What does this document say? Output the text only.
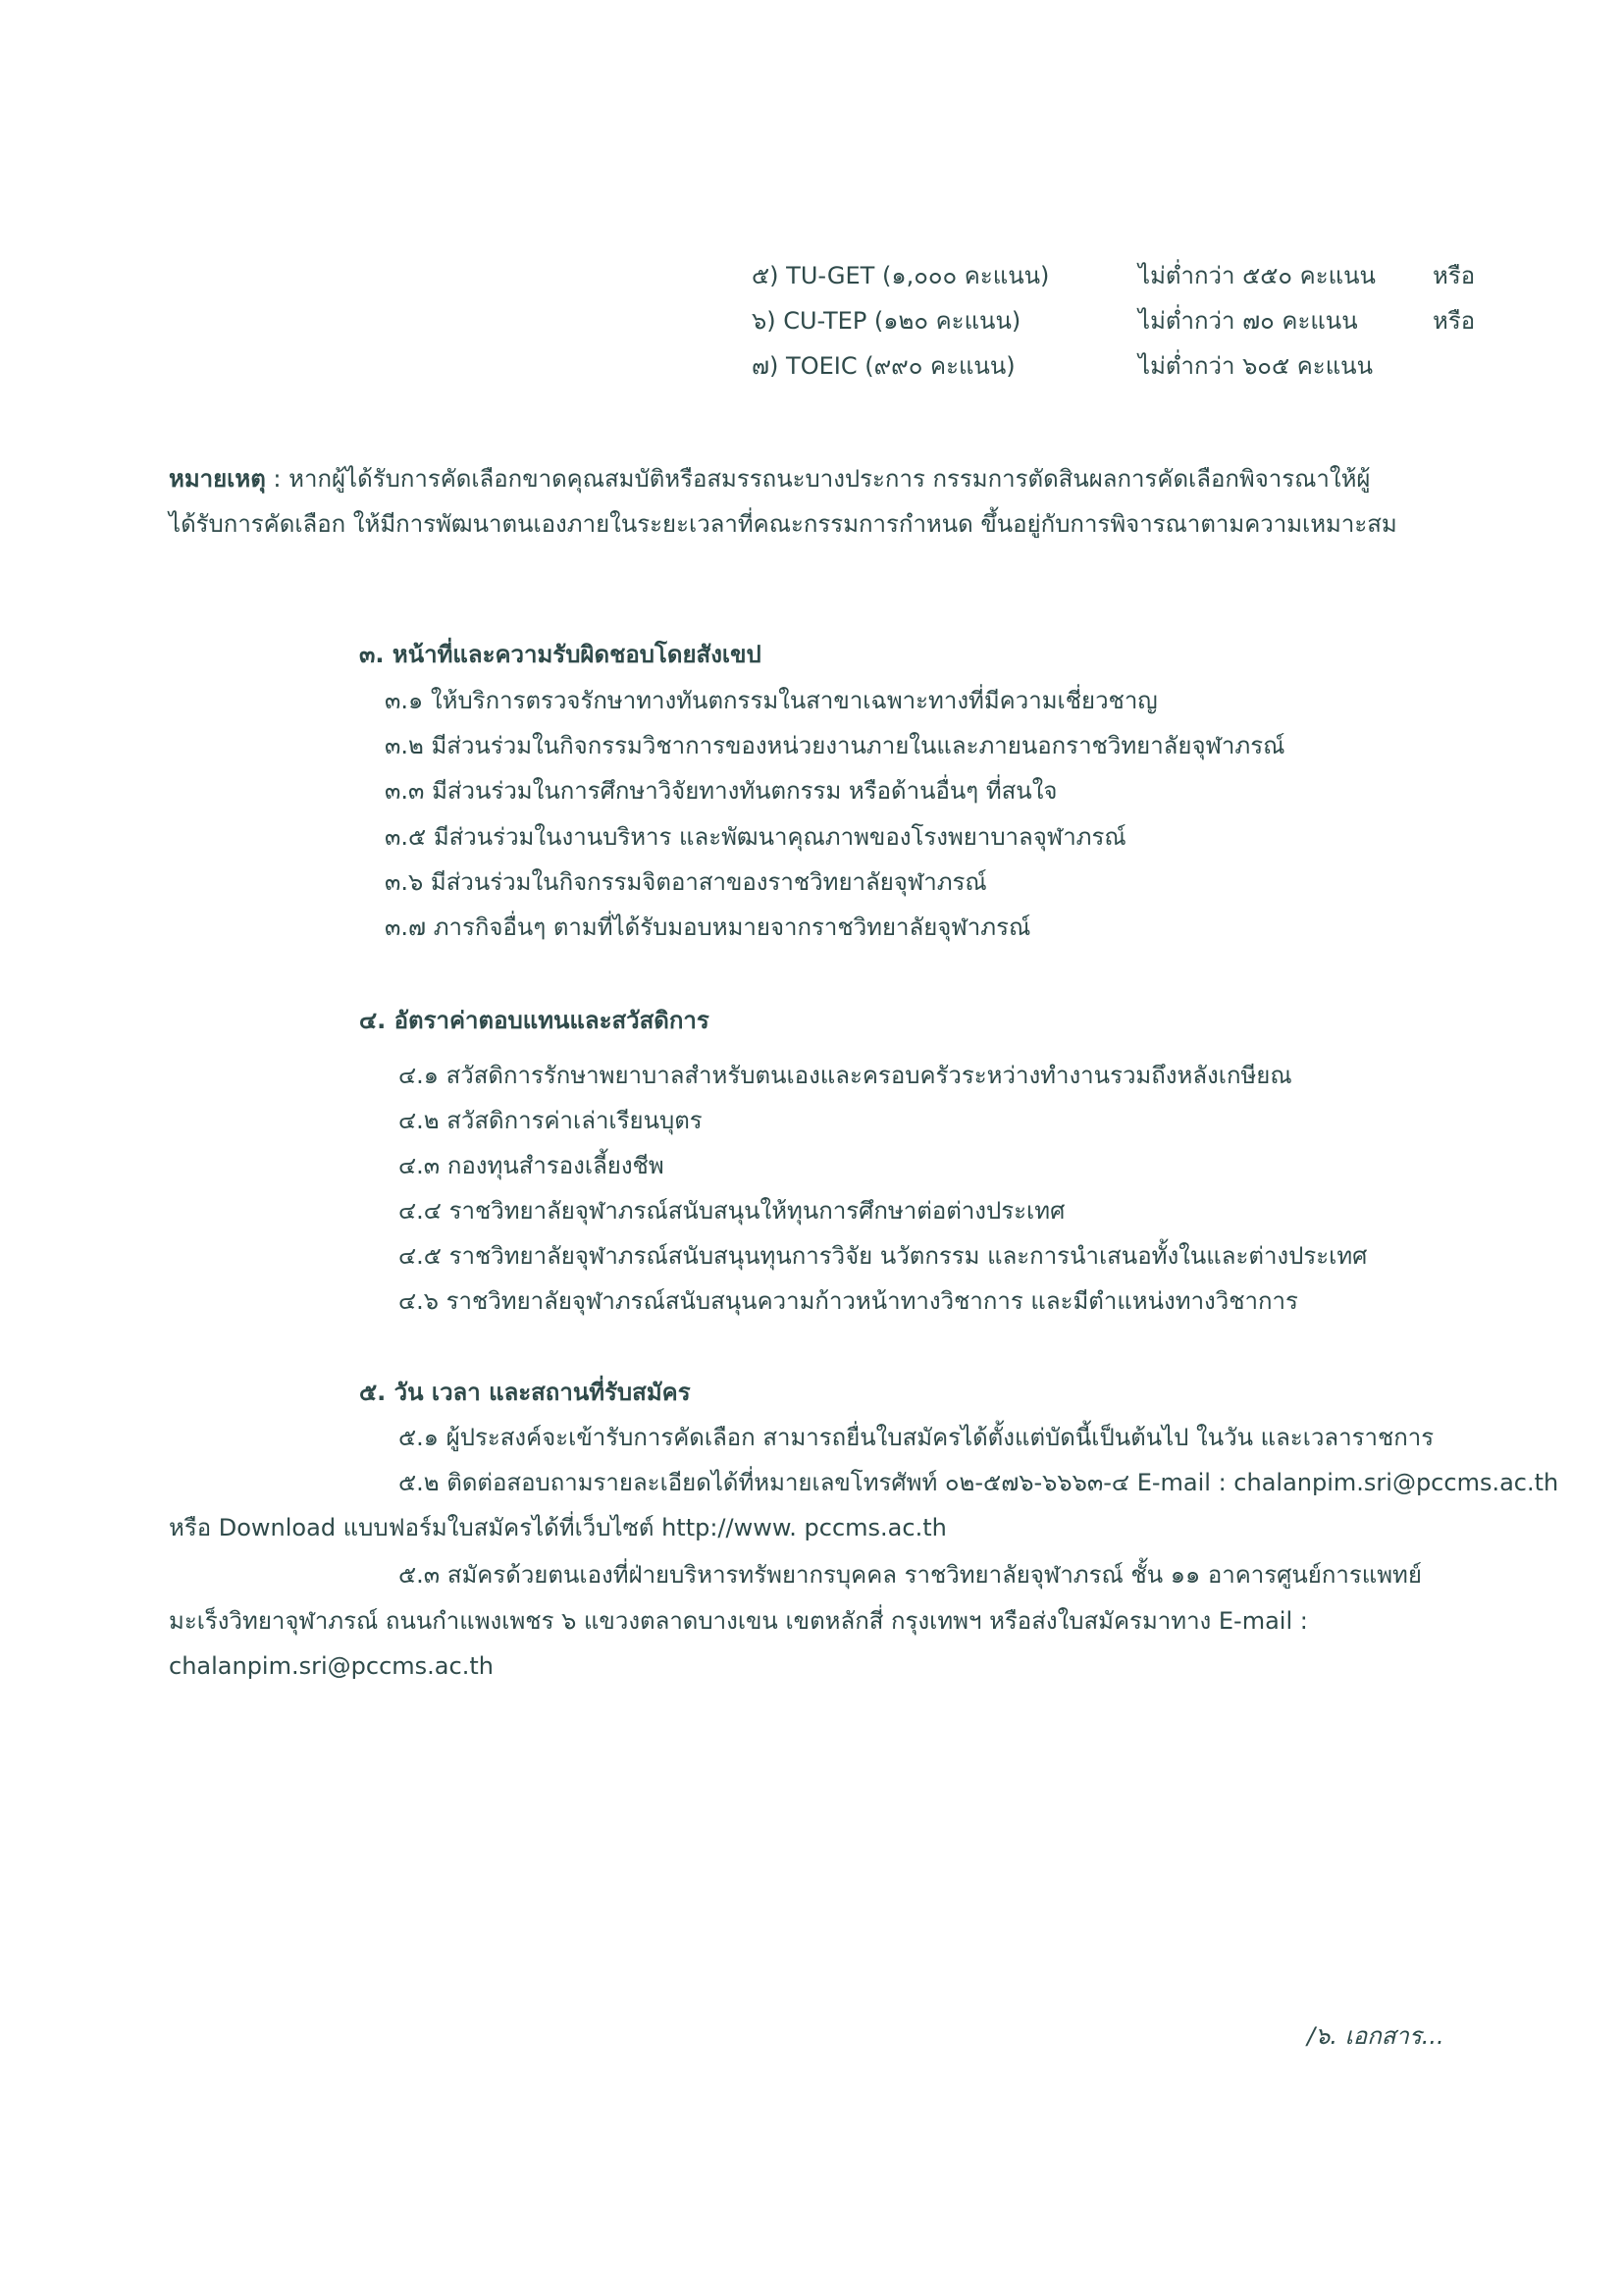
๕) TU-GET (๑,๐๐๐ คะแนน)	ไม่ต่ำกว่า ๕๕๐ คะแนน หรือ
๖) CU-TEP (๑๒๐ คะแนน)	ไม่ต่ำกว่า ๗๐ คะแนน	หรือ
๗) TOEIC (๙๙๐ คะแนน)	ไม่ต่ำกว่า ๖๐๕ คะแนน
หมายเหตุ : หากผู้ได้รับการคัดเลือกขาดคุณสมบัติหรือสมรรถนะบางประการ กรรมการตัดสินผลการคัดเลือกพิจารณาให้ผู้
ได้รับการคัดเลือก ให้มีการพัฒนาตนเองภายในระยะเวลาที่คณะกรรมการกำหนด ขึ้นอยู่กับการพิจารณาตามความเหมาะสม
๓. หน้าที่และความรับผิดชอบโดยสังเขป
๓.๑ ให้บริการตรวจรักษาทางทันตกรรมในสาขาเฉพาะทางที่มีความเชี่ยวชาญ
๓.๒ มีส่วนร่วมในกิจกรรมวิชาการของหน่วยงานภายในและภายนอกราชวิทยาลัยจุฬาภรณ์
๓.๓ มีส่วนร่วมในการศึกษาวิจัยทางทันตกรรม หรือด้านอื่นๆ ที่สนใจ
๓.๕ มีส่วนร่วมในงานบริหาร และพัฒนาคุณภาพของโรงพยาบาลจุฬาภรณ์
๓.๖ มีส่วนร่วมในกิจกรรมจิตอาสาของราชวิทยาลัยจุฬาภรณ์
๓.๗ ภารกิจอื่นๆ ตามที่ได้รับมอบหมายจากราชวิทยาลัยจุฬาภรณ์
๔. อัตราค่าตอบแทนและสวัสดิการ
๔.๑ สวัสดิการรักษาพยาบาลสำหรับตนเองและครอบครัวระหว่างทำงานรวมถึงหลังเกษียณ
๔.๒ สวัสดิการค่าเล่าเรียนบุตร
๔.๓ กองทุนสำรองเลี้ยงชีพ
๔.๔ ราชวิทยาลัยจุฬาภรณ์สนับสนุนให้ทุนการศึกษาต่อต่างประเทศ
๔.๕ ราชวิทยาลัยจุฬาภรณ์สนับสนุนทุนการวิจัย นวัตกรรม และการนำเสนอทั้งในและต่างประเทศ
๔.๖ ราชวิทยาลัยจุฬาภรณ์สนับสนุนความก้าวหน้าทางวิชาการ และมีตำแหน่งทางวิชาการ
๕. วัน เวลา และสถานที่รับสมัคร
๕.๑ ผู้ประสงค์จะเข้ารับการคัดเลือก สามารถยื่นใบสมัครได้ตั้งแต่บัดนี้เป็นต้นไป ในวัน และเวลาราชการ
๕.๒ ติดต่อสอบถามรายละเอียดได้ที่หมายเลขโทรศัพท์ ๐๒-๕๗๖-๖๖๖๓-๔ E-mail : chalanpim.sri@pccms.ac.th
หรือ Download แบบฟอร์มใบสมัครได้ที่เว็บไซต์ http://www. pccms.ac.th
๕.๓ สมัครด้วยตนเองที่ฝ่ายบริหารทรัพยากรบุคคล ราชวิทยาลัยจุฬาภรณ์ ชั้น ๑๑ อาคารศูนย์การแพทย์
มะเร็งวิทยาจุฬาภรณ์ ถนนกำแพงเพชร ๖ แขวงตลาดบางเขน เขตหลักสี่ กรุงเทพฯ หรือส่งใบสมัครมาทาง E-mail :
chalanpim.sri@pccms.ac.th
/๖. เอกสาร...
